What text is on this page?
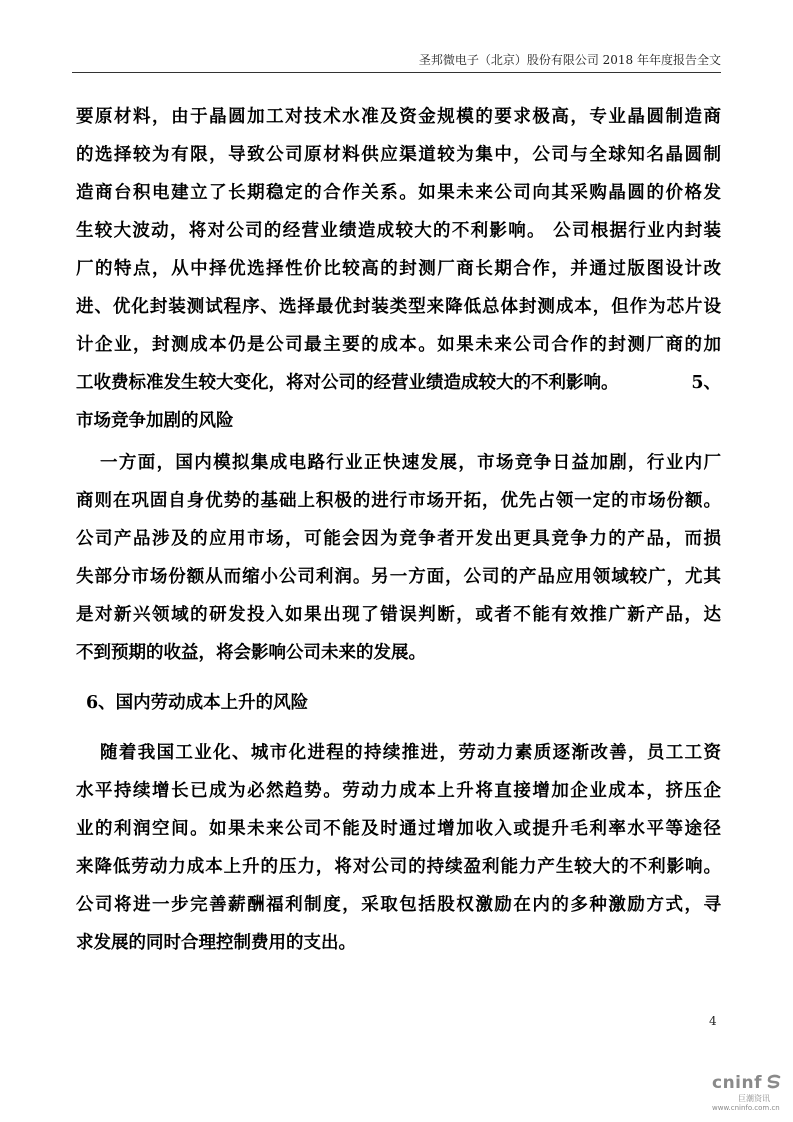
圣邦微电子（北京）股份有限公司 2018 年年度报告全文
要原材料，由于晶圆加工对技术水准及资金规模的要求极高，专业晶圆制造商
的选择较为有限，导致公司原材料供应渠道较为集中，公司与全球知名晶圆制
造商台积电建立了长期稳定的合作关系。如果未来公司向其采购晶圆的价格发
生较大波动，将对公司的经营业绩造成较大的不利影响。 公司根据行业内封装
厂的特点，从中择优选择性价比较高的封测厂商长期合作，并通过版图设计改
进、优化封装测试程序、选择最优封装类型来降低总体封测成本，但作为芯片设
计企业，封测成本仍是公司最主要的成本。如果未来公司合作的封测厂商的加
工收费标准发生较大变化，将对公司的经营业绩造成较大的不利影响。	5、
市场竞争加剧的风险
一方面，国内模拟集成电路行业正快速发展，市场竞争日益加剧，行业内厂
商则在巩固自身优势的基础上积极的进行市场开拓，优先占领一定的市场份额。
公司产品涉及的应用市场，可能会因为竞争者开发出更具竞争力的产品，而损
失部分市场份额从而缩小公司利润。另一方面，公司的产品应用领域较广，尤其
是对新兴领域的研发投入如果出现了错误判断，或者不能有效推广新产品，达
不到预期的收益，将会影响公司未来的发展。
6、国内劳动成本上升的风险
随着我国工业化、城市化进程的持续推进，劳动力素质逐渐改善，员工工资
水平持续增长已成为必然趋势。劳动力成本上升将直接增加企业成本，挤压企
业的利润空间。如果未来公司不能及时通过增加收入或提升毛利率水平等途径
来降低劳动力成本上升的压力，将对公司的持续盈利能力产生较大的不利影响。
公司将进一步完善薪酬福利制度，采取包括股权激励在内的多种激励方式，寻
求发展的同时合理控制费用的支出。
4
cninf
巨潮资讯
www.cninfo.com.cn
